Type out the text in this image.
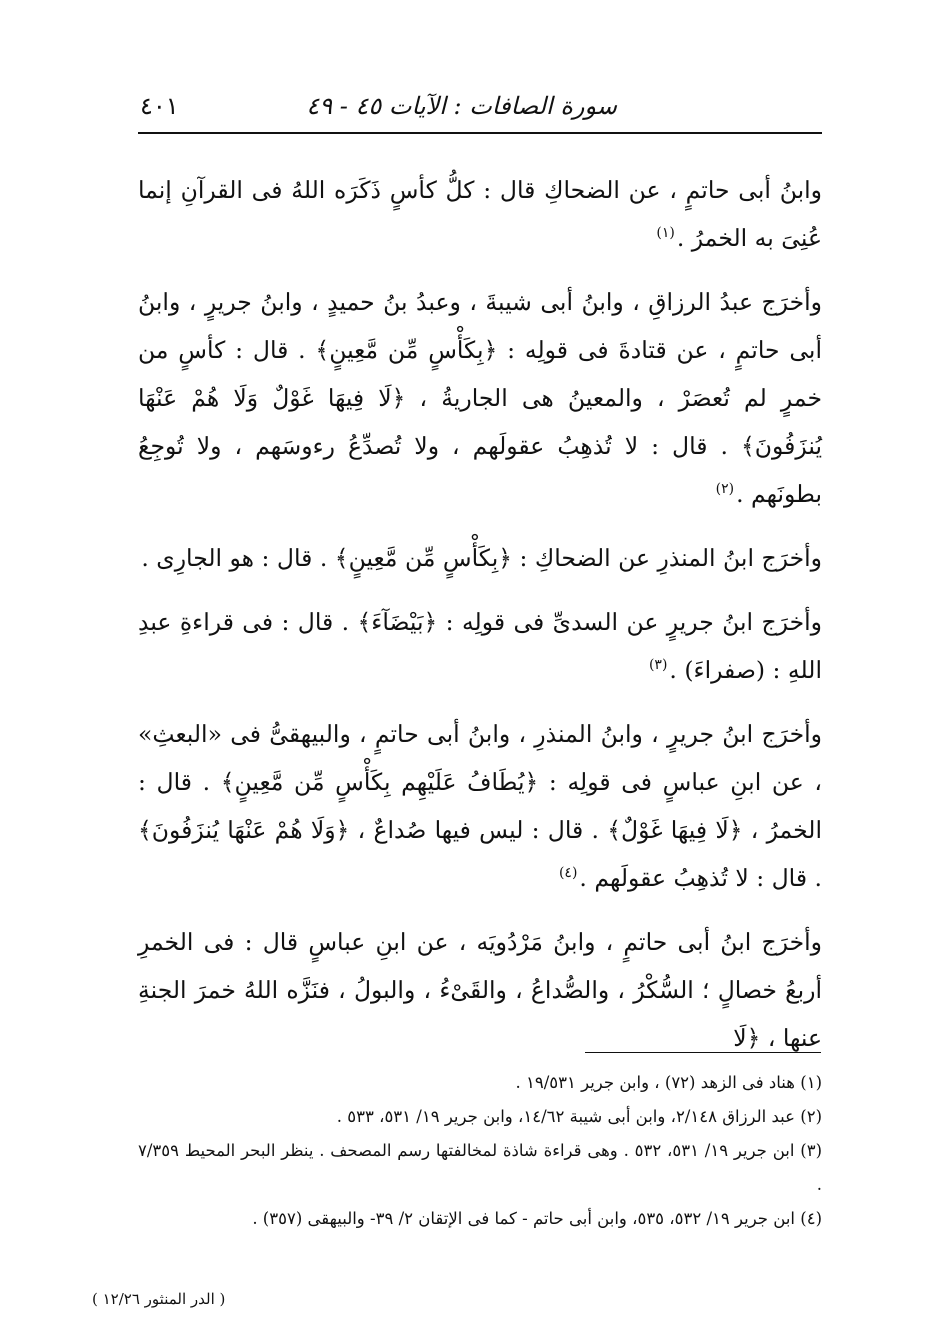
سورة الصافات : الآيات ٤٥ - ٤٩
٤٠١

وابنُ أبى حاتمٍ ، عن الضحاكِ قال : كلُّ كأسٍ ذَكَرَه اللهُ فى القرآنِ إنما عُنِىَ به الخمرُ .$^{(١)}$

وأخرَج عبدُ الرزاقِ ، وابنُ أبى شيبةَ ، وعبدُ بنُ حميدٍ ، وابنُ جريرٍ ، وابنُ أبى حاتمٍ ، عن قتادةَ فى قولِه : ﴿بِكَأْسٍ مِّن مَّعِينٍ﴾ . قال : كأسٍ من خمرٍ لم تُعصَرْ ، والمعينُ هى الجاريةُ ، ﴿لَا فِيهَا غَوْلٌ وَلَا هُمْ عَنْهَا يُنزَفُونَ﴾ . قال : لا تُذهِبُ عقولَهم ، ولا تُصدِّعُ رءوسَهم ، ولا تُوجِعُ بطونَهم .$^{(٢)}$

وأخرَج ابنُ المنذرِ عن الضحاكِ : ﴿بِكَأْسٍ مِّن مَّعِينٍ﴾ . قال : هو الجارِى .

وأخرَج ابنُ جريرٍ عن السدىِّ فى قولِه : ﴿بَيْضَآءَ﴾ . قال : فى قراءةِ عبدِ اللهِ : (صفراءَ) .$^{(٣)}$

وأخرَج ابنُ جريرٍ ، وابنُ المنذرِ ، وابنُ أبى حاتمٍ ، والبيهقىُّ فى «البعثِ» ، عن ابنِ عباسٍ فى قولِه : ﴿يُطَافُ عَلَيْهِم بِكَأْسٍ مِّن مَّعِينٍ﴾ . قال : الخمرُ ، ﴿لَا فِيهَا غَوْلٌ﴾ . قال : ليس فيها صُداعٌ ، ﴿وَلَا هُمْ عَنْهَا يُنزَفُونَ﴾ . قال : لا تُذهِبُ عقولَهم .$^{(٤)}$

وأخرَج ابنُ أبى حاتمٍ ، وابنُ مَرْدُويَه ، عن ابنِ عباسٍ قال : فى الخمرِ أربعُ خصالٍ ؛ السُّكْرُ ، والصُّداعُ ، والقَىْءُ ، والبولُ ، فنَزَّه اللهُ خمرَ الجنةِ عنها ، ﴿لَا

(١) هناد فى الزهد (٧٢) ، وابن جرير ١٩/٥٣١ .

(٢) عبد الرزاق ٢/١٤٨، وابن أبى شيبة ١٤/٦٢، وابن جرير ١٩/ ٥٣١، ٥٣٣ .

(٣) ابن جرير ١٩/ ٥٣١، ٥٣٢ . وهى قراءة شاذة لمخالفتها رسم المصحف . ينظر البحر المحيط ٧/٣٥٩ .

(٤) ابن جرير ١٩/ ٥٣٢، ٥٣٥، وابن أبى حاتم - كما فى الإتقان ٢/ ٣٩- والبيهقى (٣٥٧) .

( الدر المنثور ١٢/٢٦ )
